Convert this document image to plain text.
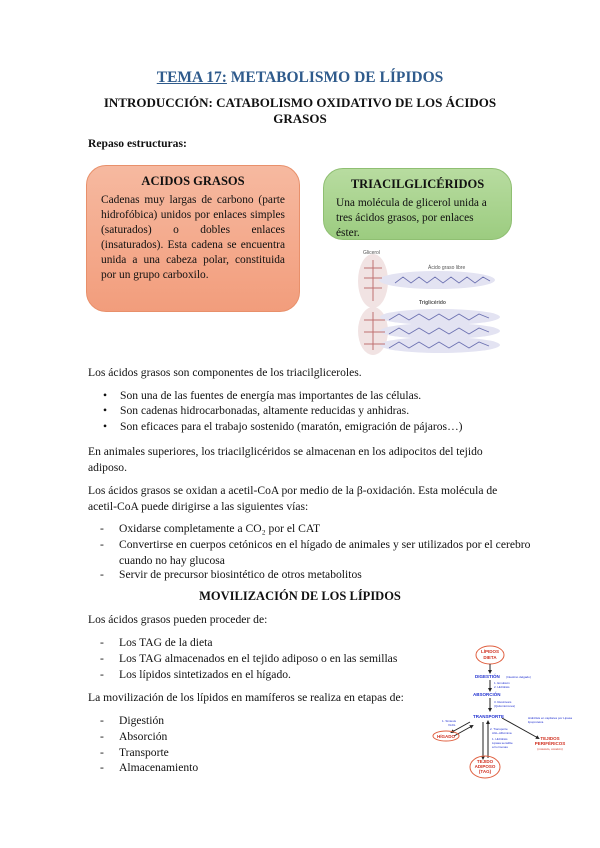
TEMA 17: METABOLISMO DE LÍPIDOS
INTRODUCCIÓN: CATABOLISMO OXIDATIVO DE LOS ÁCIDOS GRASOS
Repaso estructuras:
ACIDOS GRASOS

Cadenas muy largas de carbono (parte hidrofóbica) unidos por enlaces simples (saturados) o dobles enlaces (insaturados). Esta cadena se encuentra unida a una cabeza polar, constituida por un grupo carboxilo.

TRIACILGLICÉRIDOS

Una molécula de glicerol unida a tres ácidos grasos, por enlaces éster.

Glicerol
Ácido graso libre
Triglicérido
Los ácidos grasos son componentes de los triacilgliceroles.
• Son una de las fuentes de energía mas importantes de las células.
• Son cadenas hidrocarbonadas, altamente reducidas y anhidras.
• Son eficaces para el trabajo sostenido (maratón, emigración de pájaros…)
En animales superiores, los triacilglicéridos se almacenan en los adipocitos del tejido adiposo.
Los ácidos grasos se oxidan a acetil-CoA por medio de la β-oxidación. Esta molécula de acetil-CoA puede dirigirse a las siguientes vías:
- Oxidarse completamente a CO₂ por el CAT
- Convertirse en cuerpos cetónicos en el hígado de animales y ser utilizados por el cerebro cuando no hay glucosa
- Servir de precursor biosintético de otros metabolitos
MOVILIZACIÓN DE LOS LÍPIDOS
Los ácidos grasos pueden proceder de:
- Los TAG de la dieta
- Los TAG almacenados en el tejido adiposo o en las semillas
- Los lípidos sintetizados en el hígado.
La movilización de los lípidos en mamíferos se realiza en etapas de:
- Digestión
- Absorción
- Transporte
- Almacenamiento
LÍPIDOS
DIETA
DIGESTIÓN (Intestino delgado)
1. Emulsión
2. Hidrólisis
ABSORCIÓN
3. Resíntesis
(Quilomicrones)
TRANSPORTE
1. Síntesis
VLDL
HÍGADO
2. Transporte
AGL-Albúmina
1. Hidrólisis
Lipasa sensible
a hormonas
Hidrólisis en capilares por Lipasa lipoproteica
TEJIDOS
PERIFÉRICOS
(músculo, corazón)
TEJIDO
ADIPOSO
(TAG)
